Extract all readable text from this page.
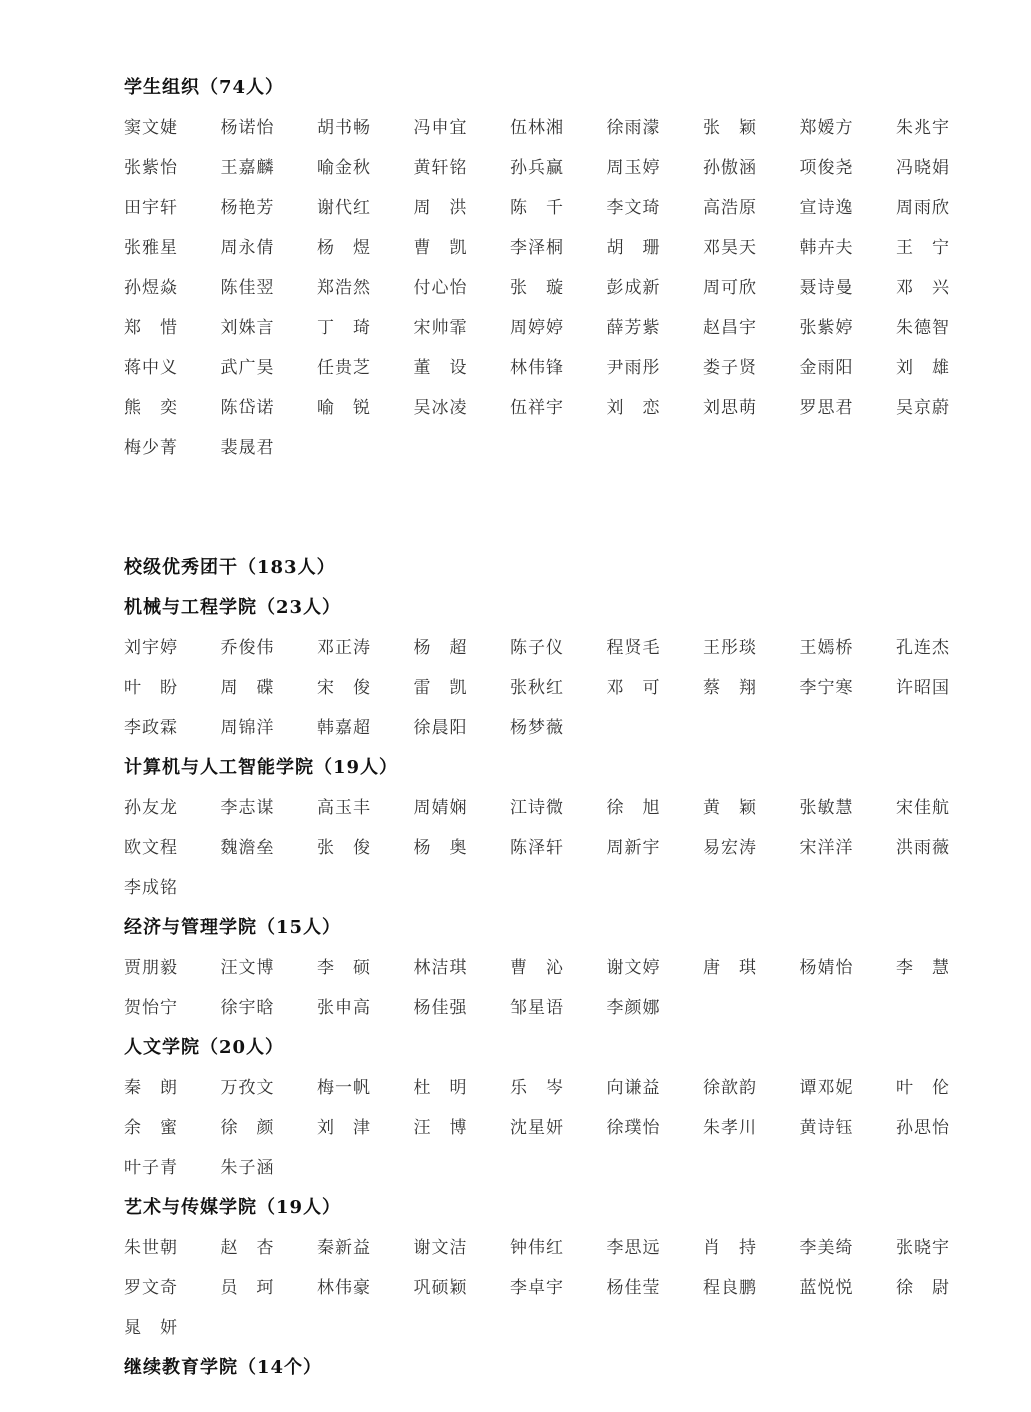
学生组织（74人）
窦文婕	杨诺怡	胡书畅	冯申宜	伍林湘	徐雨濛	张　颖	郑嫒方	朱兆宇
张紫怡	王嘉麟	喻金秋	黄轩铭	孙兵赢	周玉婷	孙傲涵	项俊尧	冯晓娟
田宇轩	杨艳芳	谢代红	周　洪	陈　千	李文琦	高浩原	宣诗逸	周雨欣
张雅星	周永倩	杨　煜	曹　凯	李泽桐	胡　珊	邓昊天	韩卉夫	王　宁
孙煜焱	陈佳翌	郑浩然	付心怡	张　璇	彭成新	周可欣	聂诗曼	邓　兴
郑　惜	刘姝言	丁　琦	宋帅霏	周婷婷	薛芳紫	赵昌宇	张紫婷	朱德智
蒋中义	武广昊	任贵芝	董　设	林伟锋	尹雨彤	娄子贤	金雨阳	刘　雄
熊　奕	陈岱诺	喻　锐	吴冰凌	伍祥宇	刘　恋	刘思萌	罗思君	吴京蔚
梅少菁	裴晟君
校级优秀团干（183人）
机械与工程学院（23人）
刘宇婷	乔俊伟	邓正涛	杨　超	陈子仪	程贤毛	王彤琰	王嫣桥	孔连杰
叶　盼	周　碟	宋　俊	雷　凯	张秋红	邓　可	蔡　翔	李宁寒	许昭国
李政霖	周锦洋	韩嘉超	徐晨阳	杨梦薇
计算机与人工智能学院（19人）
孙友龙	李志谋	高玉丰	周婧娴	江诗微	徐　旭	黄　颖	张敏慧	宋佳航
欧文程	魏澹垒	张　俊	杨　奥	陈泽轩	周新宇	易宏涛	宋洋洋	洪雨薇
李成铭
经济与管理学院（15人）
贾朋毅	汪文博	李　硕	林洁琪	曹　沁	谢文婷	唐　琪	杨婧怡	李　慧
贺怡宁	徐宇晗	张申高	杨佳强	邹星语	李颜娜
人文学院（20人）
秦　朗	万孜文	梅一帆	杜　明	乐　岑	向谦益	徐歆韵	谭邓妮	叶　伦
余　蜜	徐　颜	刘　津	汪　博	沈星妍	徐璞怡	朱孝川	黄诗钰	孙思怡
叶子青	朱子涵
艺术与传媒学院（19人）
朱世朝	赵　杏	秦新益	谢文洁	钟伟红	李思远	肖　持	李美绮	张晓宇
罗文奇	员　珂	林伟豪	巩硕颖	李卓宇	杨佳莹	程良鹏	蓝悦悦	徐　尉
晁　妍
继续教育学院（14个）
